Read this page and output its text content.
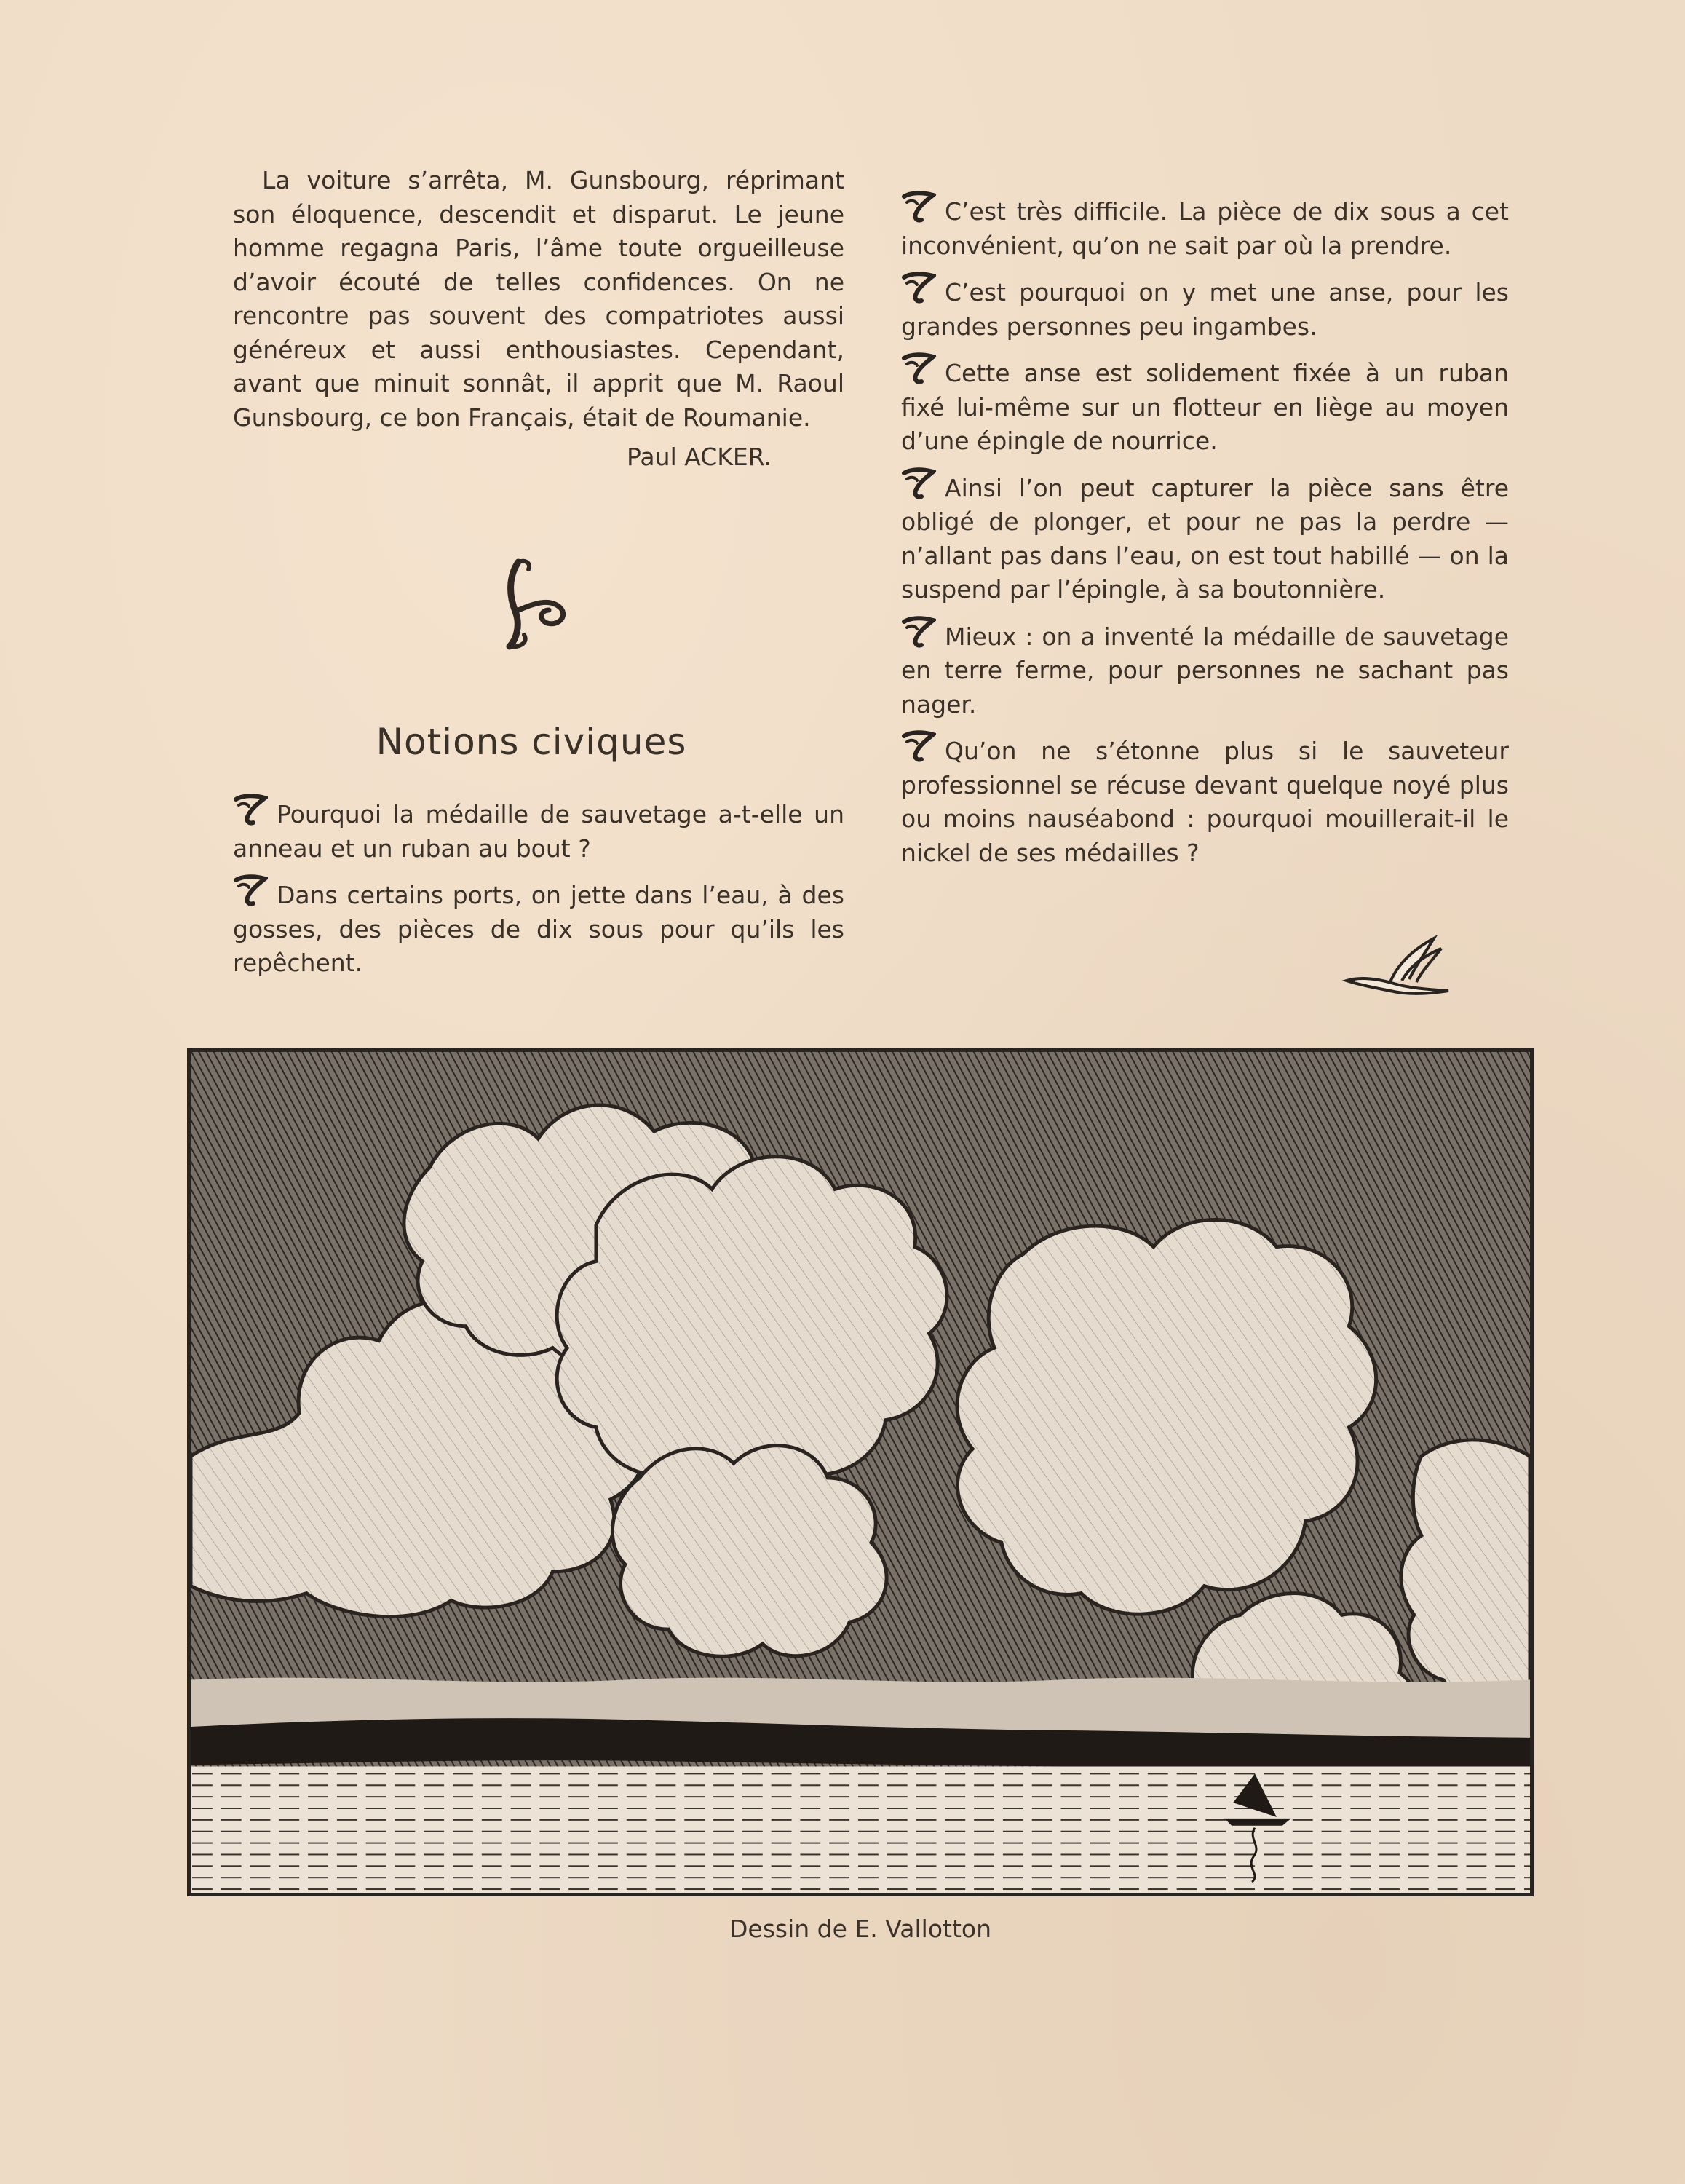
La voiture s’arrêta, M. Gunsbourg, réprimant son éloquence, descendit et disparut. Le jeune homme regagna Paris, l’âme toute orgueilleuse d’avoir écouté de telles confidences. On ne rencontre pas souvent des compatriotes aussi généreux et aussi enthousiastes. Cependant, avant que minuit sonnât, il apprit que M. Raoul Gunsbourg, ce bon Français, était de Roumanie.

Paul ACKER.

Notions civiques

Pourquoi la médaille de sauvetage a-t-elle un anneau et un ruban au bout ?

Dans certains ports, on jette dans l’eau, à des gosses, des pièces de dix sous pour qu’ils les repêchent.

C’est très difficile. La pièce de dix sous a cet inconvénient, qu’on ne sait par où la prendre.

C’est pourquoi on y met une anse, pour les grandes personnes peu ingambes.

Cette anse est solidement fixée à un ruban fixé lui-même sur un flotteur en liège au moyen d’une épingle de nourrice.

Ainsi l’on peut capturer la pièce sans être obligé de plonger, et pour ne pas la perdre — n’allant pas dans l’eau, on est tout habillé — on la suspend par l’épingle, à sa boutonnière.

Mieux : on a inventé la médaille de sauvetage en terre ferme, pour personnes ne sachant pas nager.

Qu’on ne s’étonne plus si le sauveteur professionnel se récuse devant quelque noyé plus ou moins nauséabond : pourquoi mouillerait-il le nickel de ses médailles ?

Dessin de E. Vallotton
